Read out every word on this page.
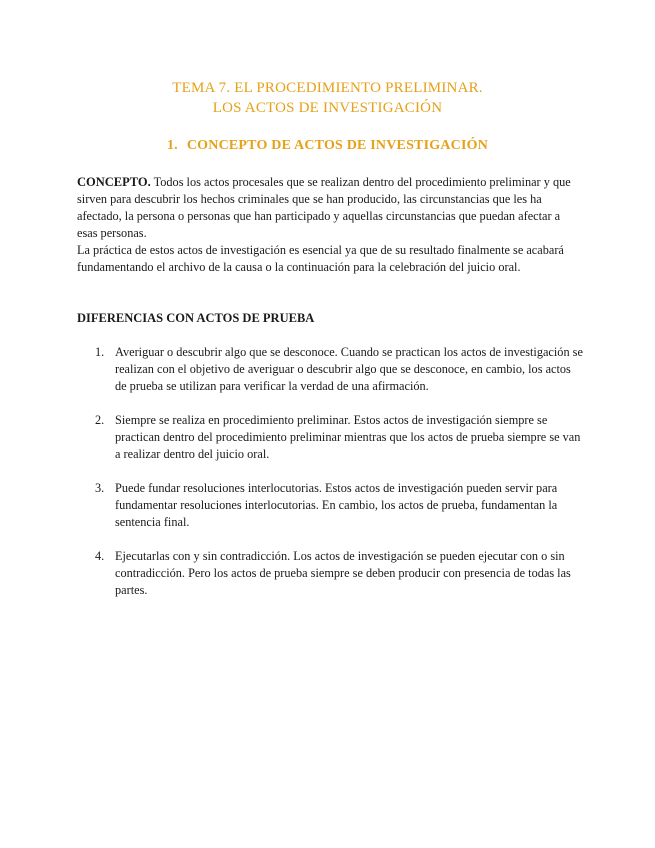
TEMA 7. EL PROCEDIMIENTO PRELIMINAR.
LOS ACTOS DE INVESTIGACIÓN
1. CONCEPTO DE ACTOS DE INVESTIGACIÓN

CONCEPTO. Todos los actos procesales que se realizan dentro del procedimiento preliminar y que sirven para descubrir los hechos criminales que se han producido, las circunstancias que les ha afectado, la persona o personas que han participado y aquellas circunstancias que puedan afectar a esas personas.

La práctica de estos actos de investigación es esencial ya que de su resultado finalmente se acabará fundamentando el archivo de la causa o la continuación para la celebración del juicio oral.

DIFERENCIAS CON ACTOS DE PRUEBA
1. Averiguar o descubrir algo que se desconoce. Cuando se practican los actos de investigación se realizan con el objetivo de averiguar o descubrir algo que se desconoce, en cambio, los actos de prueba se utilizan para verificar la verdad de una afirmación.
2. Siempre se realiza en procedimiento preliminar. Estos actos de investigación siempre se practican dentro del procedimiento preliminar mientras que los actos de prueba siempre se van a realizar dentro del juicio oral.
3. Puede fundar resoluciones interlocutorias. Estos actos de investigación pueden servir para fundamentar resoluciones interlocutorias. En cambio, los actos de prueba, fundamentan la sentencia final.
4. Ejecutarlas con y sin contradicción. Los actos de investigación se pueden ejecutar con o sin contradicción. Pero los actos de prueba siempre se deben producir con presencia de todas las partes.
